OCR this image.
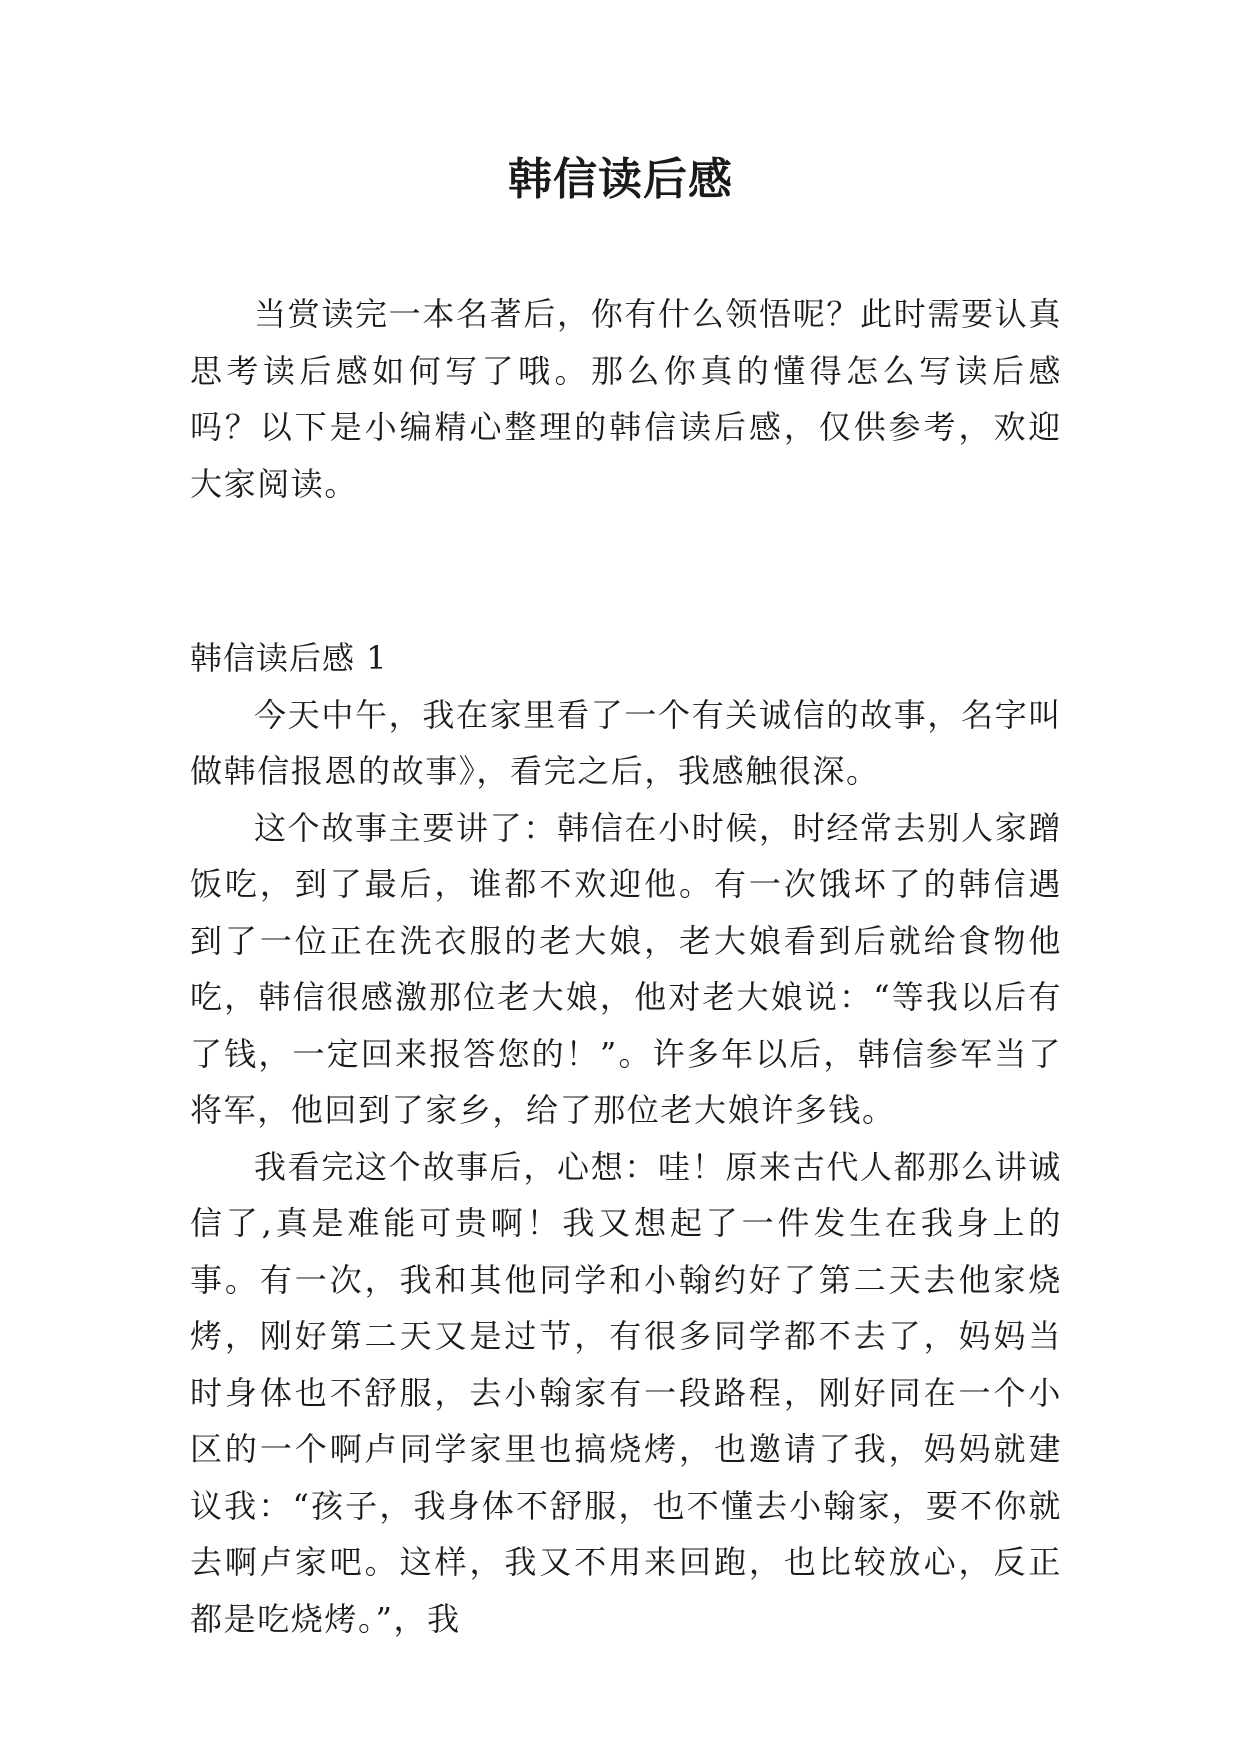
韩信读后感

当赏读完一本名著后，你有什么领悟呢？此时需要认真思考读后感如何写了哦。那么你真的懂得怎么写读后感吗？以下是小编精心整理的韩信读后感，仅供参考，欢迎大家阅读。

韩信读后感 1

今天中午，我在家里看了一个有关诚信的故事，名字叫做韩信报恩的故事》，看完之后，我感触很深。

这个故事主要讲了：韩信在小时候，时经常去别人家蹭饭吃，到了最后，谁都不欢迎他。有一次饿坏了的韩信遇到了一位正在洗衣服的老大娘，老大娘看到后就给食物他吃，韩信很感激那位老大娘，他对老大娘说：“等我以后有了钱，一定回来报答您的！”。许多年以后，韩信参军当了将军，他回到了家乡，给了那位老大娘许多钱。

我看完这个故事后，心想：哇！原来古代人都那么讲诚信了,真是难能可贵啊！我又想起了一件发生在我身上的事。有一次，我和其他同学和小翰约好了第二天去他家烧烤，刚好第二天又是过节，有很多同学都不去了，妈妈当时身体也不舒服，去小翰家有一段路程，刚好同在一个小区的一个啊卢同学家里也搞烧烤，也邀请了我，妈妈就建议我：“孩子，我身体不舒服，也不懂去小翰家，要不你就去啊卢家吧。这样，我又不用来回跑，也比较放心，反正都是吃烧烤。”，我
